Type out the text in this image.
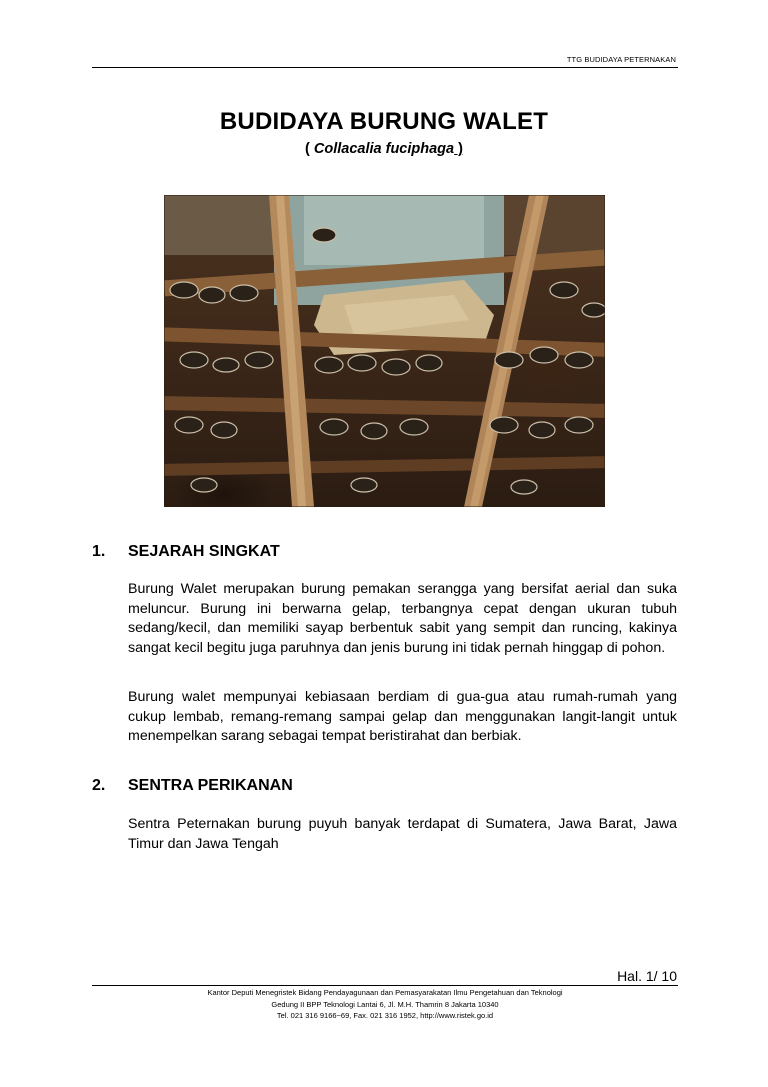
TTG BUDIDAYA PETERNAKAN
BUDIDAYA BURUNG WALET
( Collacalia fuciphaga )
1. SEJARAH SINGKAT
Burung Walet merupakan burung pemakan serangga yang bersifat aerial dan suka meluncur. Burung ini berwarna gelap, terbangnya cepat dengan ukuran tubuh sedang/kecil, dan memiliki sayap berbentuk sabit yang sempit dan runcing, kakinya sangat kecil begitu juga paruhnya dan jenis burung ini tidak pernah hinggap di pohon.
Burung walet mempunyai kebiasaan berdiam di gua-gua atau rumah-rumah yang cukup lembab, remang-remang sampai gelap dan menggunakan langit-langit untuk menempelkan sarang sebagai tempat beristirahat dan berbiak.
2. SENTRA PERIKANAN
Sentra Peternakan burung puyuh banyak terdapat di Sumatera, Jawa Barat, Jawa Timur dan Jawa Tengah
Hal. 1/ 10
Kantor Deputi Menegristek Bidang Pendayagunaan dan Pemasyarakatan Ilmu Pengetahuan dan Teknologi
Gedung II BPP Teknologi Lantai 6, Jl. M.H. Thamrin 8 Jakarta 10340
Tel. 021 316 9166~69, Fax. 021 316 1952, http://www.ristek.go.id
